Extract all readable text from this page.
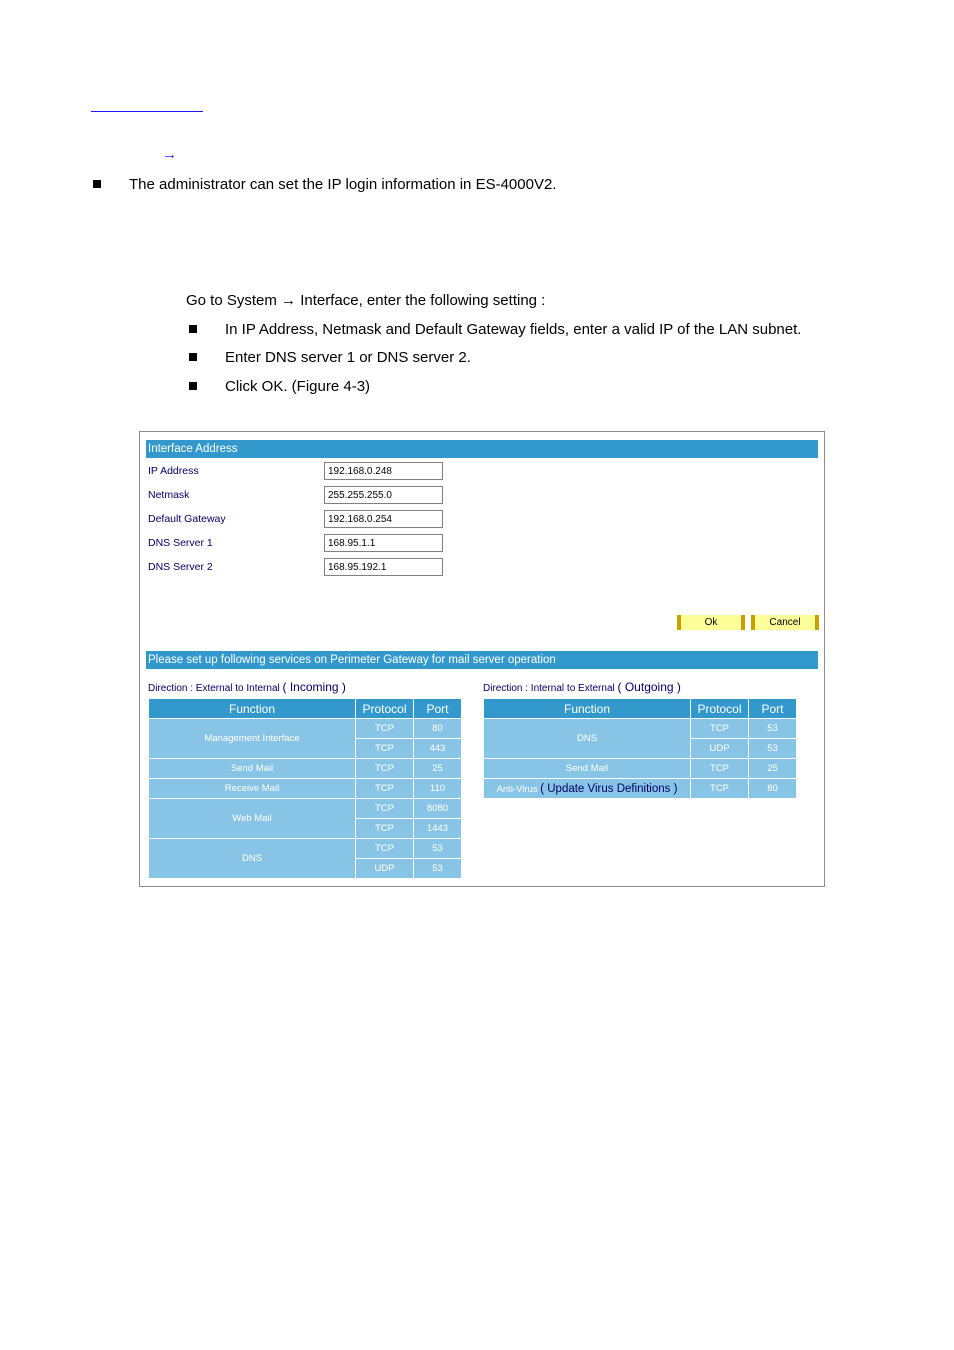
→
The administrator can set the IP login information in ES-4000V2.
Go to System → Interface, enter the following setting :
In IP Address, Netmask and Default Gateway fields, enter a valid IP of the LAN subnet.
Enter DNS server 1 or DNS server 2.
Click OK. (Figure 4-3)
Interface Address
IP Address
192.168.0.248
Netmask
255.255.255.0
Default Gateway
192.168.0.254
DNS Server 1
168.95.1.1
DNS Server 2
168.95.192.1
Ok	Cancel
Please set up following services on Perimeter Gateway for mail server operation
Direction : External to Internal ( Incoming )	Direction : Internal to External ( Outgoing )
Function	Protocol	Port
Management Interface	TCP	80
	TCP	443
Send Mail	TCP	25
Receive Mail	TCP	110
Web Mail	TCP	8080
	TCP	1443
DNS	TCP	53
	UDP	53
Function	Protocol	Port
DNS	TCP	53
	UDP	53
Send Mail	TCP	25
Anti-Virus ( Update Virus Definitions )	TCP	80
